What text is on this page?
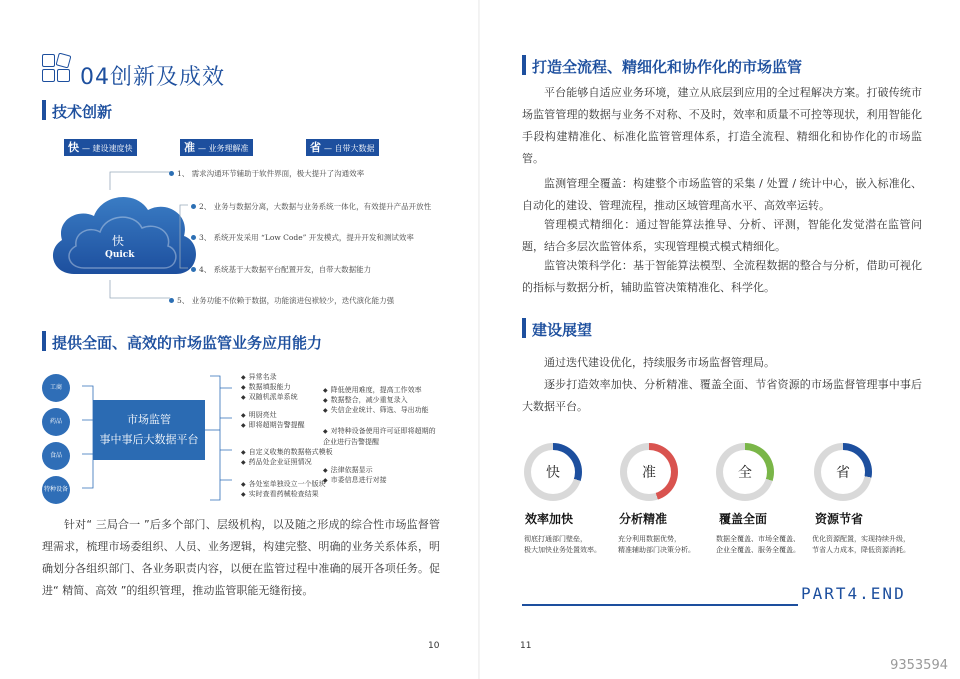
04创新及成效
技术创新
快 — 建设速度快	准 — 业务理解准	省 — 自带大数据
快
Quick
1、 需求沟通环节辅助于软件界面，极大提升了沟通效率
2、 业务与数据分离，大数据与业务系统一体化，有效提升产品开放性
3、 系统开发采用 “Low Code” 开发模式，提升开发和测试效率
4、 系统基于大数据平台配置开发，自带大数据能力
5、 业务功能不依赖于数据，功能演进包袱较少，迭代演化能力强
提供全面、高效的市场监管业务应用能力
工商
药品
食品
特种设备
市场监管
事中事后大数据平台
◆ 异常名录
◆ 数据填报能力
◆ 双随机派单系统
◆ 明厨亮灶
◆ 即将超期告警提醒
◆ 自定义收集的数据格式模板
◆ 药品处企业证照情况
◆ 各处室单独设立一个版块
◆ 实时查看药械检查结果
◆ 降低使用难度，提高工作效率
◆ 数据整合，减少重复录入
◆ 失信企业统计、筛选、导出功能
◆ 对特种设备使用许可证即将超期的企业进行告警提醒
◆ 法律依据显示
◆ 市委信息进行对接
针对“ 三局合一 ”后多个部门、层级机构，以及随之形成的综合性市场监督管理需求，梳理市场委组织、人员、业务逻辑，构建完整、明确的业务关系体系，明确划分各组织部门、各业务职责内容，以便在监管过程中准确的展开各项任务。促进“ 精简、高效 ”的组织管理，推动监管职能无缝衔接。
10
打造全流程、精细化和协作化的市场监管
平台能够自适应业务环境，建立从底层到应用的全过程解决方案。打破传统市场监管管理的数据与业务不对称、不及时，效率和质量不可控等现状，利用智能化手段构建精准化、标准化监管管理体系，打造全流程、精细化和协作化的市场监管。
监测管理全覆盖：构建整个市场监管的采集 / 处置 / 统计中心，嵌入标准化、自动化的建设、管理流程，推动区域管理高水平、高效率运转。
管理模式精细化：通过智能算法推导、分析、评测，智能化发觉潜在监管问题，结合多层次监管体系，实现管理模式模式精细化。
监管决策科学化：基于智能算法模型、全流程数据的整合与分析，借助可视化的指标与数据分析，辅助监管决策精准化、科学化。
建设展望
通过迭代建设优化，持续服务市场监督管理局。
逐步打造效率加快、分析精准、覆盖全面、节省资源的市场监督管理事中事后大数据平台。
快	准	全	省
效率加快	分析精准	覆盖全面	资源节省
彻底打通部门壁垒，
极大加快业务处置效率。
充分利用数据优势，
精准辅助部门决策分析。
数据全覆盖、市场全覆盖、
企业全覆盖、服务全覆盖。
优化资源配置，实现持续升级，
节省人力成本，降低资源消耗。
PART4.END
11
9353594
